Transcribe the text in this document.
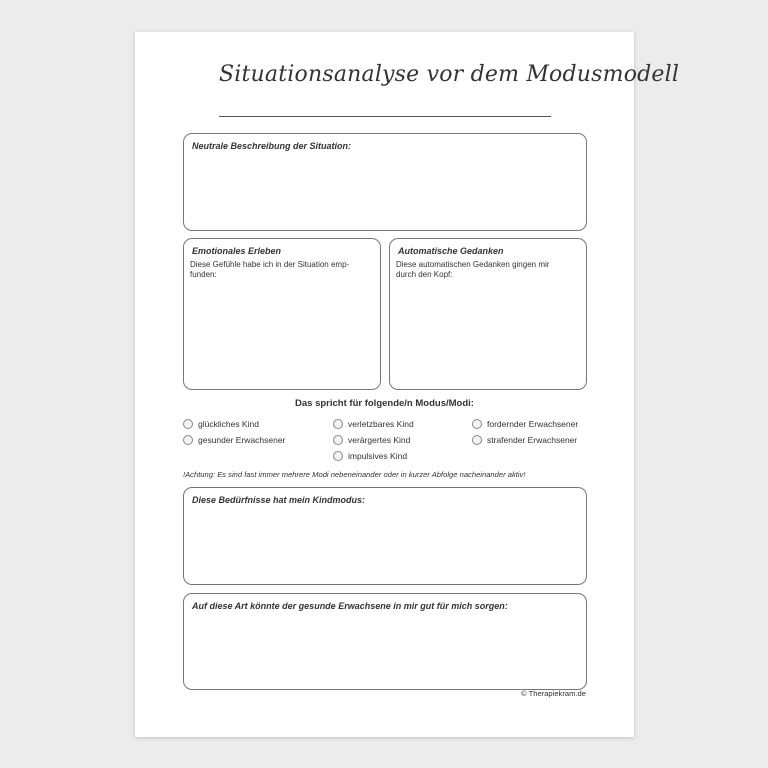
Situationsanalyse vor dem Modusmodell
Neutrale Beschreibung der Situation:
Emotionales Erleben
Diese Gefühle habe ich in der Situation emp-
funden:
Automatische Gedanken
Diese automatischen Gedanken gingen mir
durch den Kopf:
Das spricht für folgende/n Modus/Modi:
glückliches Kind
gesunder Erwachsener
verletzbares Kind
verärgertes Kind
impulsives Kind
fordernder Erwachsener
strafender Erwachsener
!Achtung: Es sind fast immer mehrere Modi nebeneinander oder in kurzer Abfolge nacheinander aktiv!
Diese Bedürfnisse hat mein Kindmodus:
Auf diese Art könnte der gesunde Erwachsene in mir gut für mich sorgen:
© Therapiekram.de
